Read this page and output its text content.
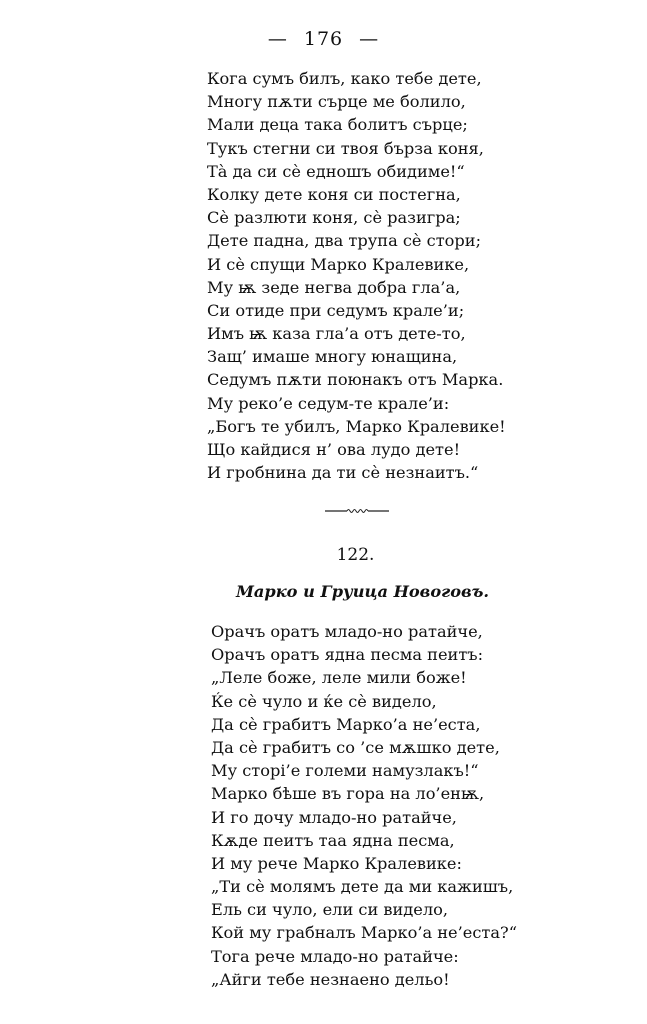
— 176 —
Кога сумъ билъ, како тебе дете,
Многу пѫти сърце ме болило,
Мали деца така болитъ сърце;
Тукъ стегни си твоя бърза коня,
Тà да си сѐ едношъ обидиме!“
Колку дете коня си постегна,
Сѐ разлюти коня, сѐ разигра;
Дете падна, два трупа сѐ стори;
И сѐ спущи Марко Кралевике,
Му ѭ зеде негва добра гла’а,
Си отиде при седумъ крале’и;
Имъ ѭ каза гла’а отъ дете-то,
Защ’ имаше многу юнащина,
Седумъ пѫти поюнакъ отъ Марка.
Му реко’е седум-те крале’и:
„Богъ те убилъ, Марко Кралевике!
Що кайдися н’ ова лудо дете!
И гробнина да ти сѐ незнаитъ.“
122.
Марко и Груица Новоговъ.
Орачъ оратъ младо-но ратайче,
Орачъ оратъ ядна песма пеитъ:
„Леле боже, леле мили боже!
Ќе сѐ чуло и ќе сѐ видело,
Да сѐ грабитъ Марко’а не’еста,
Да сѐ грабитъ со ’се мѫшко дете,
Му сторі’е големи намузлакъ!“
Марко бѣше въ гора на ло’енѭ,
И го дочу младо-но ратайче,
Кѫде пеитъ таа ядна песма,
И му рече Марко Кралевике:
„Ти сѐ молямъ дете да ми кажишъ,
Ель си чуло, ели си видело,
Кой му грабналъ Марко’а не’еста?“
Тога рече младо-но ратайче:
„Айги тебе незнаено дельо!
